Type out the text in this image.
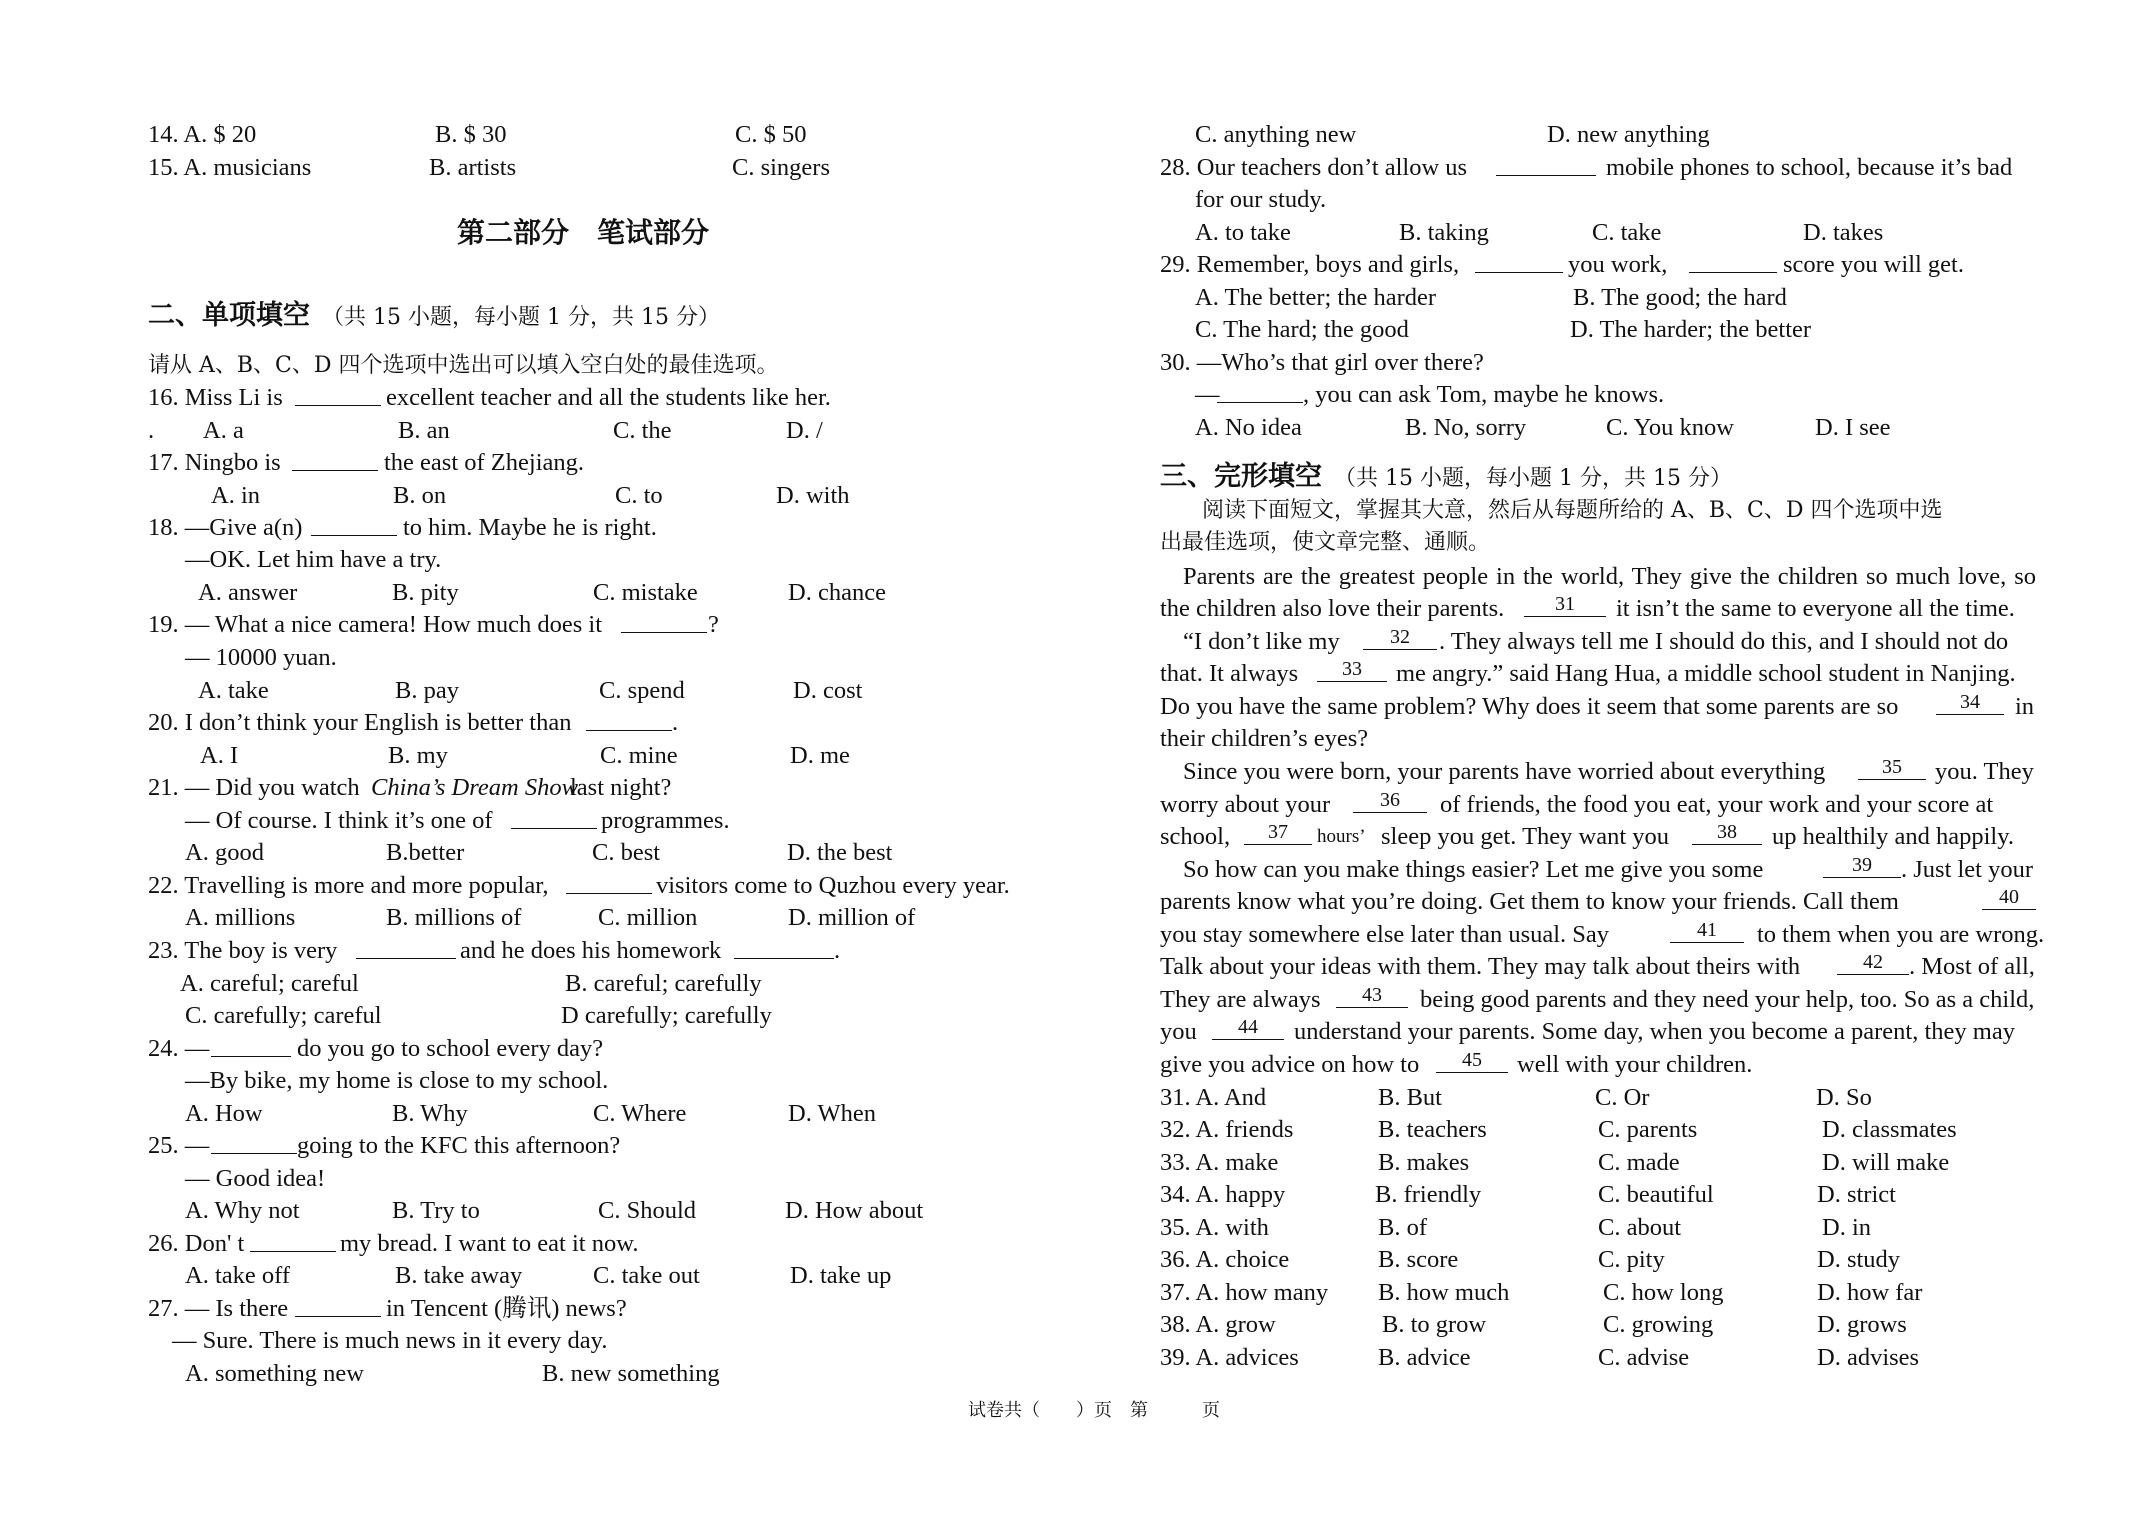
14. A. $ 20	B. $ 30	C. $ 50
15. A. musicians	B. artists	C. singers
第二部分　笔试部分
二、单项填空 （共 15 小题，每小题 1 分，共 15 分）
请从 A、B、C、D 四个选项中选出可以填入空白处的最佳选项。
16. Miss Li is	excellent teacher and all the students like her.
. A. a	B. an	C. the	D. /
17. Ningbo is	the east of Zhejiang.
A. in	B. on	C. to	D. with
18. —Give a(n)	to him. Maybe he is right.
—OK. Let him have a try.
A. answer	B. pity	C. mistake	D. chance
19. — What a nice camera! How much does it	?
— 10000 yuan.
A. take	B. pay	C. spend	D. cost
20. I don’t think your English is better than	.
A. I	B. my	C. mine	D. me
21. — Did you watch China’s Dream Show
last night?
— Of course. I think it’s one of	programmes.
A. good	B.better	C. best	D. the best
22. Travelling is more and more popular,	visitors come to Quzhou every year.
A. millions	B. millions of	C. million	D. million of
23. The boy is very	and he does his homework	.
A. careful; careful	B. careful; carefully
C. carefully; careful	D carefully; carefully
24. —	do you go to school every day?
—By bike, my home is close to my school.
A. How	B. Why	C. Where	D. When
25. —	going to the KFC this afternoon?
— Good idea!
A. Why not	B. Try to	C. Should	D. How about
26. Don' t	my bread. I want to eat it now.
A. take off	B. take away	C. take out	D. take up
27. — Is there	in Tencent (腾讯) news?
— Sure. There is much news in it every day.
A. something new	B. new something
C. anything new	D. new anything
28. Our teachers don’t allow us	mobile phones to school, because it’s bad
for our study.
A. to take	B. taking	C. take	D. takes
29. Remember, boys and girls,	you work,	score you will get.
A. The better; the harder	B. The good; the hard
C. The hard; the good	D. The harder; the better
30. —Who’s that girl over there?
—	, you can ask Tom, maybe he knows.
A. No idea	B. No, sorry	C. You know	D. I see
三、完形填空 （共 15 小题，每小题 1 分，共 15 分）
阅读下面短文，掌握其大意，然后从每题所给的 A、B、C、D 四个选项中选
出最佳选项，使文章完整、通顺。
Parents are the greatest people in the world, They give the children so much love, so
the children also love their parents.	31	it isn’t the same to everyone all the time.
“I don’t like my	32	. They always tell me I should do this, and I should not do
that. It always	33	me angry.” said Hang Hua, a middle school student in Nanjing.
Do you have the same problem? Why does it seem that some parents are so	34	in
their children’s eyes?
Since you were born, your parents have worried about everything	35	you. They
worry about your	36	of friends, the food you eat, your work and your score at
school,	37	hours’ sleep you get. They want you	38	up healthily and happily.
So how can you make things easier? Let me give you some	39	. Just let your
parents know what you’re doing. Get them to know your friends. Call them	40
you stay somewhere else later than usual. Say	41	to them when you are wrong.
Talk about your ideas with them. They may talk about theirs with	42	. Most of all,
They are always	43	being good parents and they need your help, too. So as a child,
you	44	understand your parents. Some day, when you become a parent, they may
give you advice on how to	45	well with your children.
31. A. And	B. But	C. Or	D. So
32. A. friends	B. teachers	C. parents	D. classmates
33. A. make	B. makes	C. made	D. will make
34. A. happy	B. friendly	C. beautiful	D. strict
35. A. with	B. of	C. about	D. in
36. A. choice	B. score	C. pity	D. study
37. A. how many B. how much	C. how long	D. how far
38. A. grow	B. to grow	C. growing	D. grows
39. A. advices	B. advice	C. advise	D. advises
试卷共（　　）页　第　　　页
